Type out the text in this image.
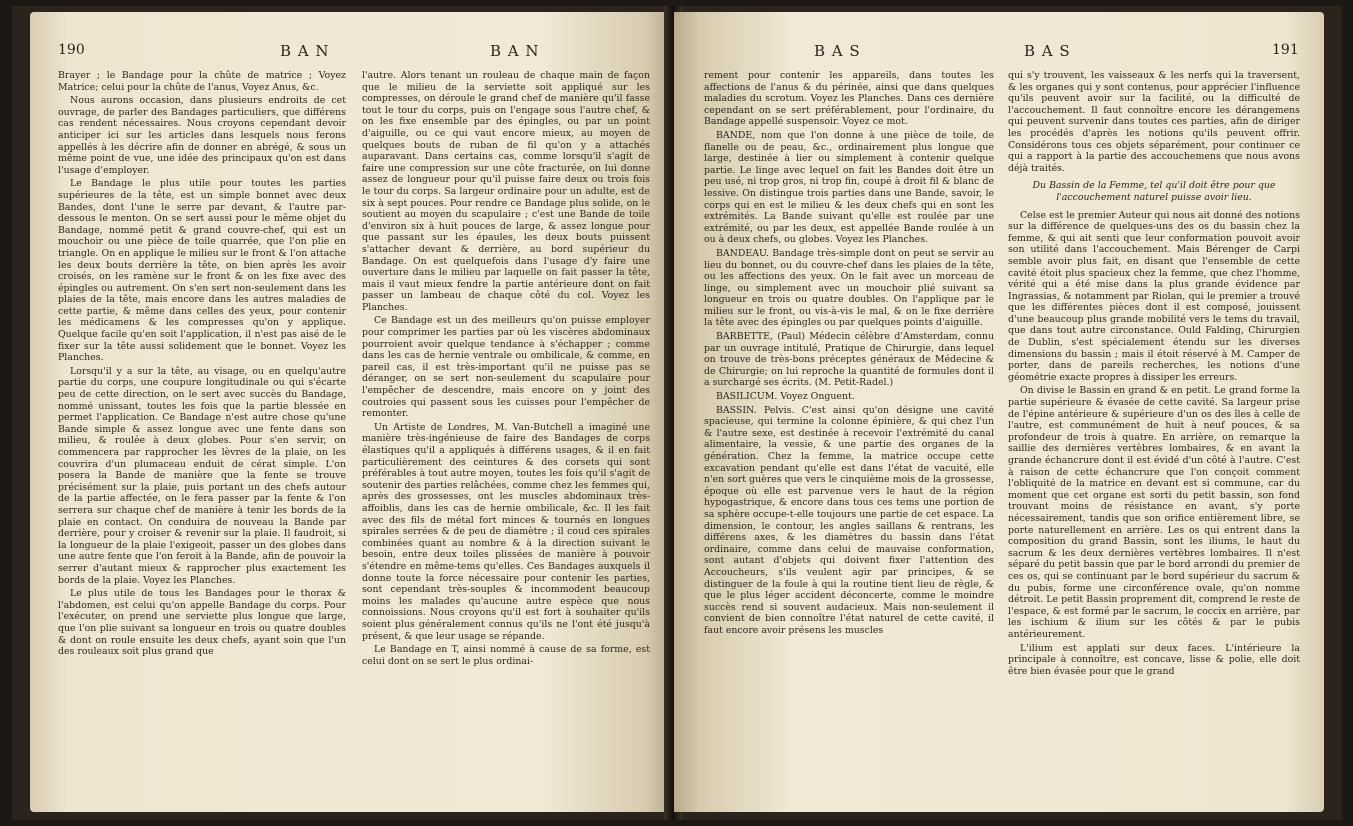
190	B A N	B A N

Brayer ; le Bandage pour la chûte de matrice ; Voyez Matrice; celui pour la chûte de l'anus, Voyez Anus, &c.

Nous aurons occasion, dans plusieurs endroits de cet ouvrage, de parler des Bandages particuliers, que différens cas rendent nécessaires. Nous croyons cependant devoir anticiper ici sur les articles dans lesquels nous ferons appellés à les décrire afin de donner en abrégé, & sous un même point de vue, une idée des principaux qu'on est dans l'usage d'employer.

Le Bandage le plus utile pour toutes les parties supérieures de la tête, est un simple bonnet avec deux Bandes, dont l'une le serre par devant, & l'autre par-dessous le menton. On se sert aussi pour le même objet du Bandage, nommé petit & grand couvre-chef, qui est un mouchoir ou une pièce de toile quarrée, que l'on plie en triangle. On en applique le milieu sur le front & l'on attache les deux bouts derrière la tête, on bien après les avoir croisés, on les ramène sur le front & on les fixe avec des épingles ou autrement. On s'en sert non-seulement dans les plaies de la tête, mais encore dans les autres maladies de cette partie, & même dans celles des yeux, pour contenir les médicamens & les compresses qu'on y applique. Quelque facile qu'en soit l'application, il n'est pas aisé de le fixer sur la tête aussi solidement que le bonnet. Voyez les Planches.

Lorsqu'il y a sur la tête, au visage, ou en quelqu'autre partie du corps, une coupure longitudinale ou qui s'écarte peu de cette direction, on le sert avec succès du Bandage, nommé unissant, toutes les fois que la partie blessée en permet l'application. Ce Bandage n'est autre chose qu'une Bande simple & assez longue avec une fente dans son milieu, & roulée à deux globes. Pour s'en servir, on commencera par rapprocher les lèvres de la plaie, on les couvrira d'un plumaceau enduit de cérat simple. L'on posera la Bande de manière que la fente se trouve précisément sur la plaie, puis portant un des chefs autour de la partie affectée, on le fera passer par la fente & l'on serrera sur chaque chef de manière à tenir les bords de la plaie en contact. On conduira de nouveau la Bande par derrière, pour y croiser & revenir sur la plaie. Il faudroit, si la longueur de la plaie l'exigeoit, passer un des globes dans une autre fente que l'on feroit à la Bande, afin de pouvoir la serrer d'autant mieux & rapprocher plus exactement les bords de la plaie. Voyez les Planches.

Le plus utile de tous les Bandages pour le thorax & l'abdomen, est celui qu'on appelle Bandage du corps. Pour l'exécuter, on prend une serviette plus longue que large, que l'on plie suivant sa longueur en trois ou quatre doubles & dont on roule ensuite les deux chefs, ayant soin que l'un des rouleaux soit plus grand que

l'autre. Alors tenant un rouleau de chaque main de façon que le milieu de la serviette soit appliqué sur les compresses, on déroule le grand chef de manière qu'il fasse tout le tour du corps, puis on l'engage sous l'autre chef, & on les fixe ensemble par des épingles, ou par un point d'aiguille, ou ce qui vaut encore mieux, au moyen de quelques bouts de ruban de fil qu'on y a attachés auparavant. Dans certains cas, comme lorsqu'il s'agit de faire une compression sur une côte fracturée, on lui donne assez de longueur pour qu'il puisse faire deux ou trois fois le tour du corps. Sa largeur ordinaire pour un adulte, est de six à sept pouces. Pour rendre ce Bandage plus solide, on le soutient au moyen du scapulaire ; c'est une Bande de toile d'environ six à huit pouces de large, & assez longue pour que passant sur les épaules, les deux bouts puissent s'attacher devant & derrière, au bord supérieur du Bandage. On est quelquefois dans l'usage d'y faire une ouverture dans le milieu par laquelle on fait passer la tête, mais il vaut mieux fendre la partie antérieure dont on fait passer un lambeau de chaque côté du col. Voyez les Planches.

Ce Bandage est un des meilleurs qu'on puisse employer pour comprimer les parties par où les viscères abdominaux pourroient avoir quelque tendance à s'échapper ; comme dans les cas de hernie ventrale ou ombilicale, & comme, en pareil cas, il est très-important qu'il ne puisse pas se déranger, on se sert non-seulement du scapulaire pour l'empêcher de descendre, mais encore on y joint des coutroies qui passent sous les cuisses pour l'empêcher de remonter.

Un Artiste de Londres, M. Van-Butchell a imaginé une manière très-ingénieuse de faire des Bandages de corps élastiques qu'il a appliqués à différens usages, & il en fait particulièrement des ceintures & des corsets qui sont préférables à tout autre moyen, toutes les fois qu'il s'agit de soutenir des parties relâchées, comme chez les femmes qui, après des grossesses, ont les muscles abdominaux très-affoiblis, dans les cas de hernie ombilicale, &c. Il les fait avec des fils de métal fort minces & tournés en longues spirales serrées & de peu de diamètre ; il coud ces spirales combinées quant au nombre & à la direction suivant le besoin, entre deux toiles plissées de manière à pouvoir s'étendre en même-tems qu'elles. Ces Bandages auxquels il donne toute la force nécessaire pour contenir les parties, sont cependant très-souples & incommodent beaucoup moins les malades qu'aucune autre espèce que nous connoissions. Nous croyons qu'il est fort à souhaiter qu'ils soient plus généralement connus qu'ils ne l'ont été jusqu'à présent, & que leur usage se répande.

Le Bandage en T, ainsi nommé à cause de sa forme, est celui dont on se sert le plus ordinai-

B A S	B A S	191

rement pour contenir les appareils, dans toutes les affections de l'anus & du périnée, ainsi que dans quelques maladies du scrotum. Voyez les Planches. Dans ces dernière cependant on se sert préférablement, pour l'ordinaire, du Bandage appellé suspensoir. Voyez ce mot.

BANDE, nom que l'on donne à une pièce de toile, de flanelle ou de peau, &c., ordinairement plus longue que large, destinée à lier ou simplement à contenir quelque partie. Le linge avec lequel on fait les Bandes doit être un peu usé, ni trop gros, ni trop fin, coupé à droit fil & blanc de lessive. On distingue trois parties dans une Bande, savoir, le corps qui en est le milieu & les deux chefs qui en sont les extrémités. La Bande suivant qu'elle est roulée par une extrémité, ou par les deux, est appellée Bande roulée à un ou à deux chefs, ou globes. Voyez les Planches.

BANDEAU. Bandage très-simple dont on peut se servir au lieu du bonnet, ou du couvre-chef dans les plaies de la tête, ou les affections des yeux. On le fait avec un morceau de linge, ou simplement avec un mouchoir plié suivant sa longueur en trois ou quatre doubles. On l'applique par le milieu sur le front, ou vis-à-vis le mal, & on le fixe derrière la tête avec des épingles ou par quelques points d'aiguille.

BARBETTE, (Paul) Médecin célèbre d'Amsterdam, connu par un ouvrage intitulé, Pratique de Chirurgie, dans lequel on trouve de très-bons préceptes généraux de Médecine & de Chirurgie; on lui reproche la quantité de formules dont il a surchargé ses écrits. (M. Petit-Radel.)

BASILICUM. Voyez Onguent.

BASSIN. Pelvis. C'est ainsi qu'on désigne une cavité spacieuse, qui termine la colonne épinière, & qui chez l'un & l'autre sexe, est destinée à recevoir l'extrémité du canal alimentaire, la vessie, & une partie des organes de la génération. Chez la femme, la matrice occupe cette excavation pendant qu'elle est dans l'état de vacuité, elle n'en sort guères que vers le cinquième mois de la grossesse, époque où elle est parvenue vers le haut de la région hypogastrique, & encore dans tous ces tems une portion de sa sphère occupe-t-elle toujours une partie de cet espace. La dimension, le contour, les angles saillans & rentrans, les différens axes, & les diamètres du bassin dans l'état ordinaire, comme dans celui de mauvaise conformation, sont autant d'objets qui doivent fixer l'attention des Accoucheurs, s'ils veulent agir par principes, & se distinguer de la foule à qui la routine tient lieu de règle, & que le plus léger accident déconcerte, comme le moindre succès rend si souvent audacieux. Mais non-seulement il convient de bien connoître l'état naturel de cette cavité, il faut encore avoir présens les muscles

qui s'y trouvent, les vaisseaux & les nerfs qui la traversent, & les organes qui y sont contenus, pour apprécier l'influence qu'ils peuvent avoir sur la facilité, ou la difficulté de l'accouchement. Il faut connoître encore les dérangemens qui peuvent survenir dans toutes ces parties, afin de diriger les procédés d'après les notions qu'ils peuvent offrir. Considérons tous ces objets séparément, pour continuer ce qui a rapport à la partie des accouchemens que nous avons déjà traités.

Du Bassin de la Femme, tel qu'il doit être pour que l'accouchement naturel puisse avoir lieu.

Celse est le premier Auteur qui nous ait donné des notions sur la différence de quelques-uns des os du bassin chez la femme, & qui ait senti que leur conformation pouvoit avoir son utilité dans l'accouchement. Mais Bérenger de Carpi semble avoir plus fait, en disant que l'ensemble de cette cavité étoit plus spacieux chez la femme, que chez l'homme, vérité qui a été mise dans la plus grande évidence par Ingrassias, & notamment par Riolan, qui le premier a trouvé que les différentes pièces dont il est composé, jouissent d'une beaucoup plus grande mobilité vers le tems du travail, que dans tout autre circonstance. Ould Falding, Chirurgien de Dublin, s'est spécialement étendu sur les diverses dimensions du bassin ; mais il étoit réservé à M. Camper de porter, dans de pareils recherches, les notions d'une géométrie exacte propres à dissiper les erreurs.

On divise le Bassin en grand & en petit. Le grand forme la partie supérieure & évasée de cette cavité. Sa largeur prise de l'épine antérieure & supérieure d'un os des îles à celle de l'autre, est communément de huit à neuf pouces, & sa profondeur de trois à quatre. En arrière, on remarque la saillie des dernières vertèbres lombaires, & en avant la grande échancrure dont il est évidé d'un côté à l'autre. C'est à raison de cette échancrure que l'on conçoit comment l'obliquité de la matrice en devant est si commune, car du moment que cet organe est sorti du petit bassin, son fond trouvant moins de résistance en avant, s'y porte nécessairement, tandis que son orifice entièrement libre, se porte naturellement en arrière. Les os qui entrent dans la composition du grand Bassin, sont les iliums, le haut du sacrum & les deux dernières vertèbres lombaires. Il n'est séparé du petit bassin que par le bord arrondi du premier de ces os, qui se continuant par le bord supérieur du sacrum & du pubis, forme une circonférence ovale, qu'on nomme détroit. Le petit Bassin proprement dit, comprend le reste de l'espace, & est formé par le sacrum, le coccix en arrière, par les ischium & ilium sur les côtés & par le pubis antérieurement.

L'ilium est applati sur deux faces. L'intérieure la principale à connoître, est concave, lisse & polie, elle doit être bien évasée pour que le grand
